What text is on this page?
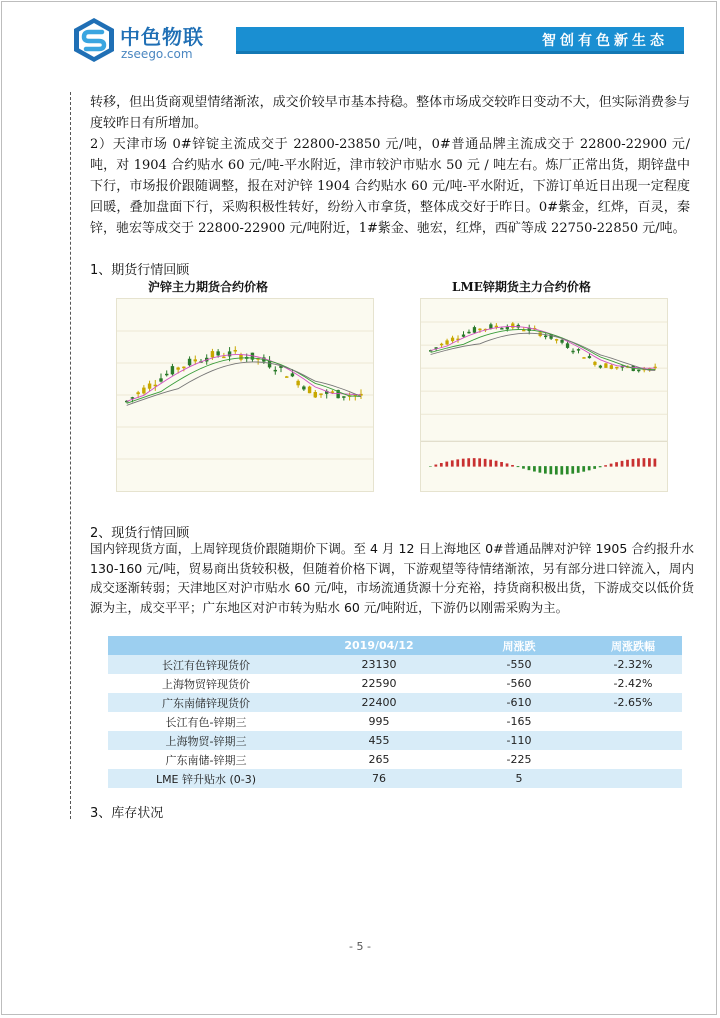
中色物联
zseego.com
智创有色新生态

转移，但出货商观望情绪渐浓，成交价较早市基本持稳。整体市场成交较昨日变动不大，但实际消费参与度较昨日有所增加。

2）天津市场 0#锌锭主流成交于 22800-23850 元/吨，0#普通品牌主流成交于 22800-22900 元/吨，对 1904 合约贴水 60 元/吨-平水附近，津市较沪市贴水 50 元 / 吨左右。炼厂正常出货，期锌盘中下行，市场报价跟随调整，报在对沪锌 1904 合约贴水 60 元/吨-平水附近，下游订单近日出现一定程度回暖，叠加盘面下行，采购积极性转好，纷纷入市拿货，整体成交好于昨日。0#紫金，红烨，百灵，秦锌，驰宏等成交于 22800-22900 元/吨附近，1#紫金、驰宏，红烨，西矿等成 22750-22850 元/吨。

1、期货行情回顾
沪锌主力期货合约价格	LME锌期货主力合约价格
2、现货行情回顾
国内锌现货方面，上周锌现货价跟随期价下调。至 4 月 12 日上海地区 0#普通品牌对沪锌 1905 合约报升水 130-160 元/吨，贸易商出货较积极，但随着价格下调，下游观望等待情绪渐浓，另有部分进口锌流入，周内成交逐渐转弱；天津地区对沪市贴水 60 元/吨，市场流通货源十分充裕，持货商积极出货，下游成交以低价货源为主，成交平平；广东地区对沪市转为贴水 60 元/吨附近，下游仍以刚需采购为主。
	2019/04/12	周涨跌	周涨跌幅
长江有色锌现货价	23130	-550	-2.32%
上海物贸锌现货价	22590	-560	-2.42%
广东南储锌现货价	22400	-610	-2.65%
长江有色-锌期三	995	-165	
上海物贸-锌期三	455	-110	
广东南储-锌期三	265	-225	
LME 锌升贴水 (0-3)	76	5	
3、库存状况
- 5 -
